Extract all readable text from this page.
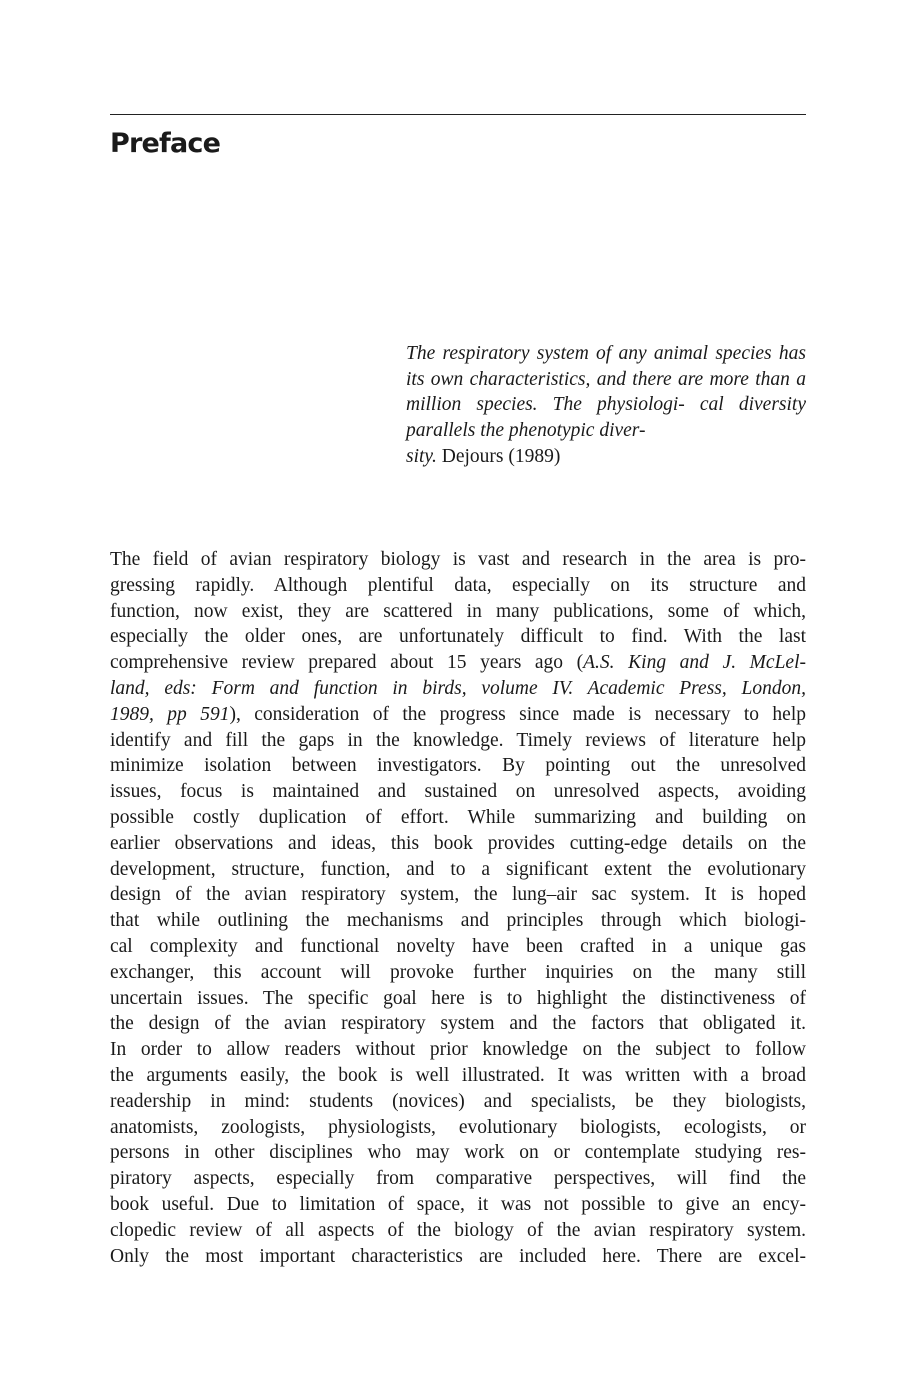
Preface
The respiratory system of any animal species has its own characteristics, and there are more than a million species. The physiologi- cal diversity parallels the phenotypic diver-
sity. Dejours (1989)
The field of avian respiratory biology is vast and research in the area is pro-
gressing rapidly. Although plentiful data, especially on its structure and
function, now exist, they are scattered in many publications, some of which,
especially the older ones, are unfortunately difficult to find. With the last
comprehensive review prepared about 15 years ago (A.S. King and J. McLel-
land, eds: Form and function in birds, volume IV. Academic Press, London,
1989, pp 591), consideration of the progress since made is necessary to help
identify and fill the gaps in the knowledge. Timely reviews of literature help
minimize isolation between investigators. By pointing out the unresolved
issues, focus is maintained and sustained on unresolved aspects, avoiding
possible costly duplication of effort. While summarizing and building on
earlier observations and ideas, this book provides cutting-edge details on the
development, structure, function, and to a significant extent the evolutionary
design of the avian respiratory system, the lung–air sac system. It is hoped
that while outlining the mechanisms and principles through which biologi-
cal complexity and functional novelty have been crafted in a unique gas
exchanger, this account will provoke further inquiries on the many still
uncertain issues. The specific goal here is to highlight the distinctiveness of
the design of the avian respiratory system and the factors that obligated it.
In order to allow readers without prior knowledge on the subject to follow
the arguments easily, the book is well illustrated. It was written with a broad
readership in mind: students (novices) and specialists, be they biologists,
anatomists, zoologists, physiologists, evolutionary biologists, ecologists, or
persons in other disciplines who may work on or contemplate studying res-
piratory aspects, especially from comparative perspectives, will find the
book useful. Due to limitation of space, it was not possible to give an ency-
clopedic review of all aspects of the biology of the avian respiratory system.
Only the most important characteristics are included here. There are excel-
